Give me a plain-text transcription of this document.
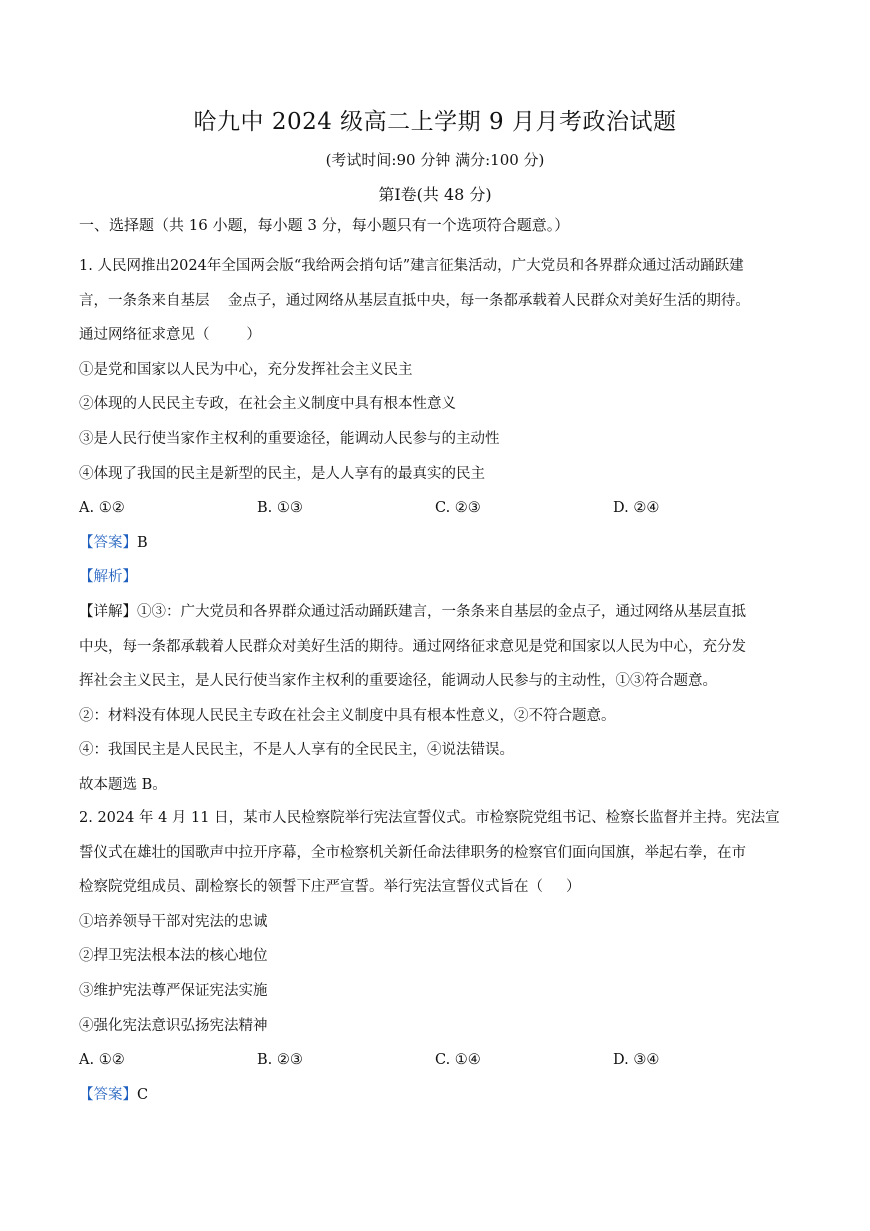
哈九中 2024 级高二上学期 9 月月考政治试题
(考试时间:90 分钟 满分:100 分)
第Ⅰ卷(共 48 分)
一、选择题（共 16 小题，每小题 3 分，每小题只有一个选项符合题意。）

1. 人民网推出2024年全国两会版“我给两会捎句话”建言征集活动，广大党员和各界群众通过活动踊跃建

言，一条条来自基层    金点子，通过网络从基层直抵中央，每一条都承载着人民群众对美好生活的期待。

通过网络征求意见（        ）

①是党和国家以人民为中心，充分发挥社会主义民主

②体现的人民民主专政，在社会主义制度中具有根本性意义

③是人民行使当家作主权利的重要途径，能调动人民参与的主动性

④体现了我国的民主是新型的民主，是人人享有的最真实的民主

A. ①②	B. ①③	C. ②③	D. ②④

【答案】B

【解析】

【详解】①③：广大党员和各界群众通过活动踊跃建言，一条条来自基层的金点子，通过网络从基层直抵

中央，每一条都承载着人民群众对美好生活的期待。通过网络征求意见是党和国家以人民为中心，充分发

挥社会主义民主，是人民行使当家作主权利的重要途径，能调动人民参与的主动性，①③符合题意。

②：材料没有体现人民民主专政在社会主义制度中具有根本性意义，②不符合题意。

④：我国民主是人民民主，不是人人享有的全民民主，④说法错误。

故本题选 B。

2. 2024 年 4 月 11 日，某市人民检察院举行宪法宣誓仪式。市检察院党组书记、检察长监督并主持。宪法宣

誓仪式在雄壮的国歌声中拉开序幕，全市检察机关新任命法律职务的检察官们面向国旗，举起右拳，在市

检察院党组成员、副检察长的领誓下庄严宣誓。举行宪法宣誓仪式旨在（     ）

①培养领导干部对宪法的忠诚

②捍卫宪法根本法的核心地位

③维护宪法尊严保证宪法实施

④强化宪法意识弘扬宪法精神

A. ①②	B. ②③	C. ①④	D. ③④

【答案】C
